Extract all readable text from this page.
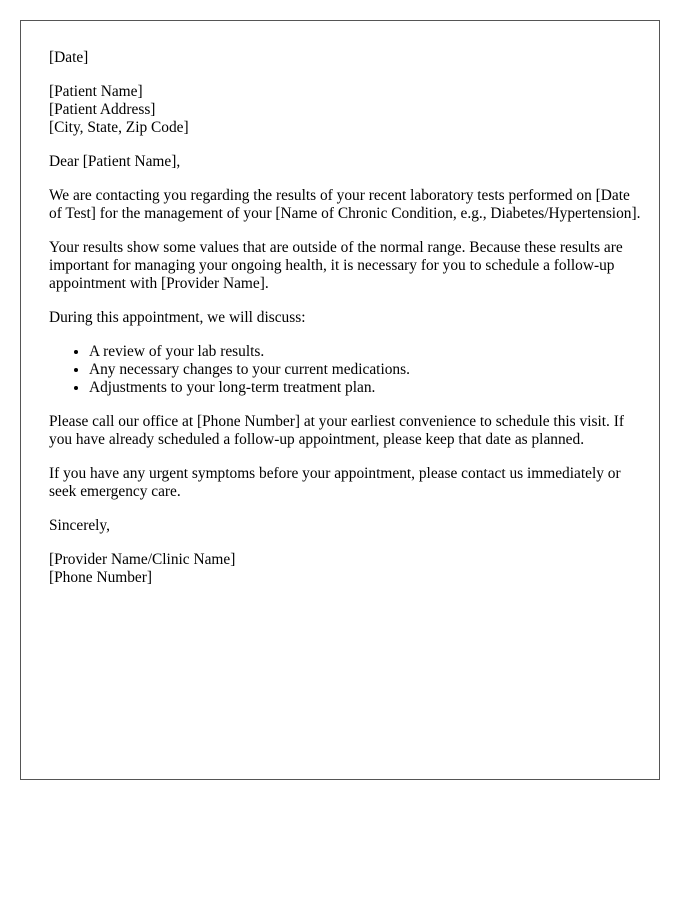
[Date]

[Patient Name]
[Patient Address]
[City, State, Zip Code]

Dear [Patient Name],

We are contacting you regarding the results of your recent laboratory tests performed on [Date of Test] for the management of your [Name of Chronic Condition, e.g., Diabetes/Hypertension].

Your results show some values that are outside of the normal range. Because these results are important for managing your ongoing health, it is necessary for you to schedule a follow-up appointment with [Provider Name].

During this appointment, we will discuss:

• A review of your lab results.
• Any necessary changes to your current medications.
• Adjustments to your long-term treatment plan.

Please call our office at [Phone Number] at your earliest convenience to schedule this visit. If you have already scheduled a follow-up appointment, please keep that date as planned.

If you have any urgent symptoms before your appointment, please contact us immediately or seek emergency care.

Sincerely,

[Provider Name/Clinic Name]
[Phone Number]
